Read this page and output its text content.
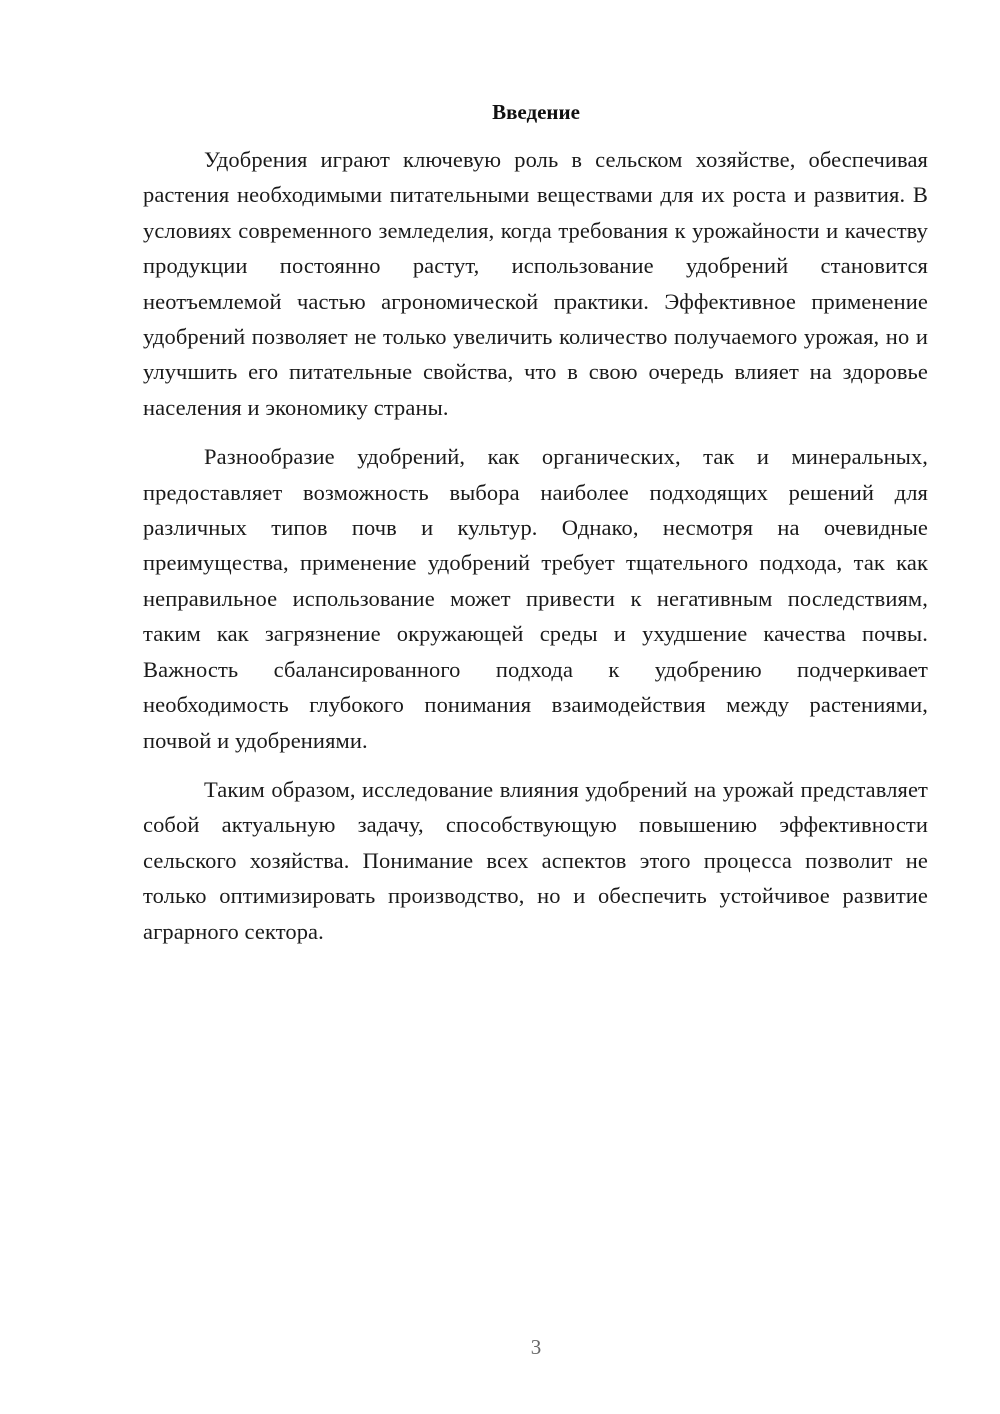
Введение

Удобрения играют ключевую роль в сельском хозяйстве, обеспечивая растения необходимыми питательными веществами для их роста и развития. В условиях современного земледелия, когда требования к урожайности и качеству продукции постоянно растут, использование удобрений становится неотъемлемой частью агрономической практики. Эффективное применение удобрений позволяет не только увеличить количество получаемого урожая, но и улучшить его питательные свойства, что в свою очередь влияет на здоровье населения и экономику страны.

Разнообразие удобрений, как органических, так и минеральных, предоставляет возможность выбора наиболее подходящих решений для различных типов почв и культур. Однако, несмотря на очевидные преимущества, применение удобрений требует тщательного подхода, так как неправильное использование может привести к негативным последствиям, таким как загрязнение окружающей среды и ухудшение качества почвы. Важность сбалансированного подхода к удобрению подчеркивает необходимость глубокого понимания взаимодействия между растениями, почвой и удобрениями.

Таким образом, исследование влияния удобрений на урожай представляет собой актуальную задачу, способствующую повышению эффективности сельского хозяйства. Понимание всех аспектов этого процесса позволит не только оптимизировать производство, но и обеспечить устойчивое развитие аграрного сектора.

3
